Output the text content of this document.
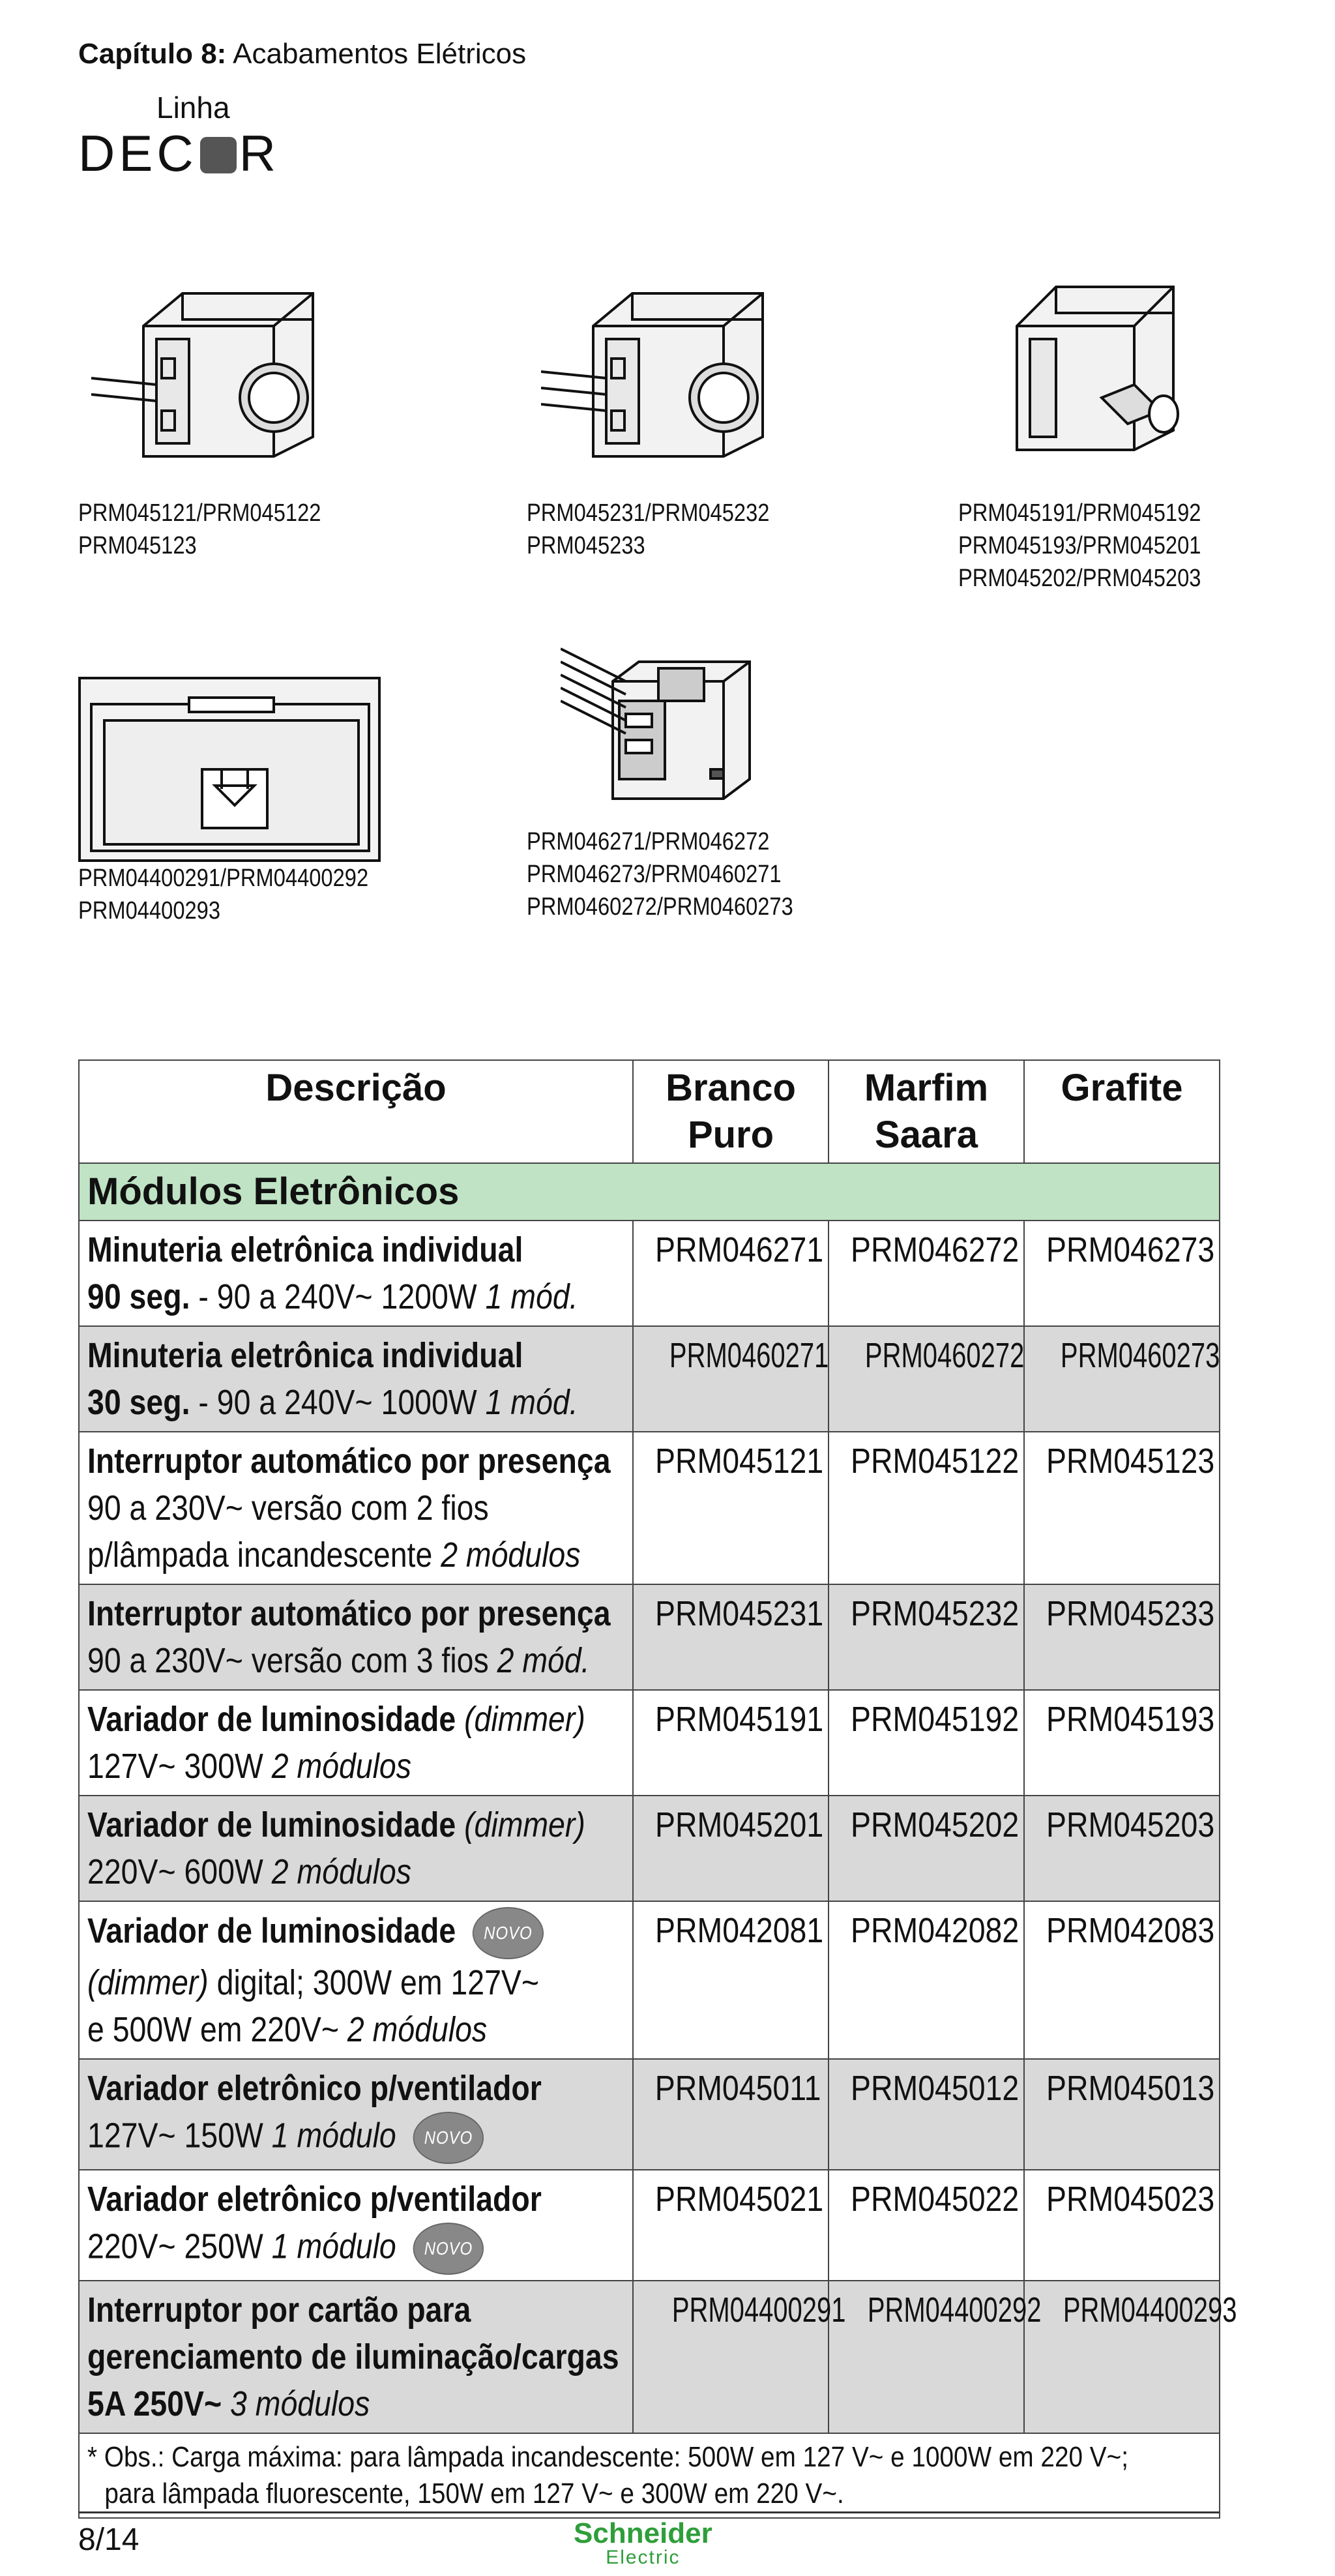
Capítulo 8: Acabamentos Elétricos
Linha
DEC R
PRM045121/PRM045122
PRM045123
PRM045231/PRM045232
PRM045233
PRM045191/PRM045192
PRM045193/PRM045201
PRM045202/PRM045203
PRM04400291/PRM04400292
PRM04400293
PRM046271/PRM046272
PRM046273/PRM0460271
PRM0460272/PRM0460273
Descrição	Branco Puro	Marfim Saara	Grafite
Módulos Eletrônicos			

Minuteria eletrônica individual
90 seg. - 90 a 240V~ 1200W 1 mód.	PRM046271	PRM046272	PRM046273

Minuteria eletrônica individual
30 seg. - 90 a 240V~ 1000W 1 mód.	PRM0460271	PRM0460272	PRM0460273

Interruptor automático por presença
90 a 230V~ versão com 2 fios
p/lâmpada incandescente 2 módulos	PRM045121	PRM045122	PRM045123

Interruptor automático por presença
90 a 230V~ versão com 3 fios 2 mód.	PRM045231	PRM045232	PRM045233

Variador de luminosidade (dimmer)
127V~ 300W 2 módulos	PRM045191	PRM045192	PRM045193

Variador de luminosidade (dimmer)
220V~ 600W 2 módulos	PRM045201	PRM045202	PRM045203

Variador de luminosidade NOVO
(dimmer) digital; 300W em 127V~
e 500W em 220V~ 2 módulos	PRM042081	PRM042082	PRM042083

Variador eletrônico p/ventilador
127V~ 150W 1 módulo NOVO	PRM045011	PRM045012	PRM045013

Variador eletrônico p/ventilador
220V~ 250W 1 módulo NOVO	PRM045021	PRM045022	PRM045023

Interruptor por cartão para
gerenciamento de iluminação/cargas
5A 250V~ 3 módulos	PRM04400291	PRM04400292	PRM04400293

* Obs.: Carga máxima: para lâmpada incandescente: 500W em 127 V~ e 1000W em 220 V~;
para lâmpada fluorescente, 150W em 127 V~ e 300W em 220 V~.			
8/14	Schneider
Electric
